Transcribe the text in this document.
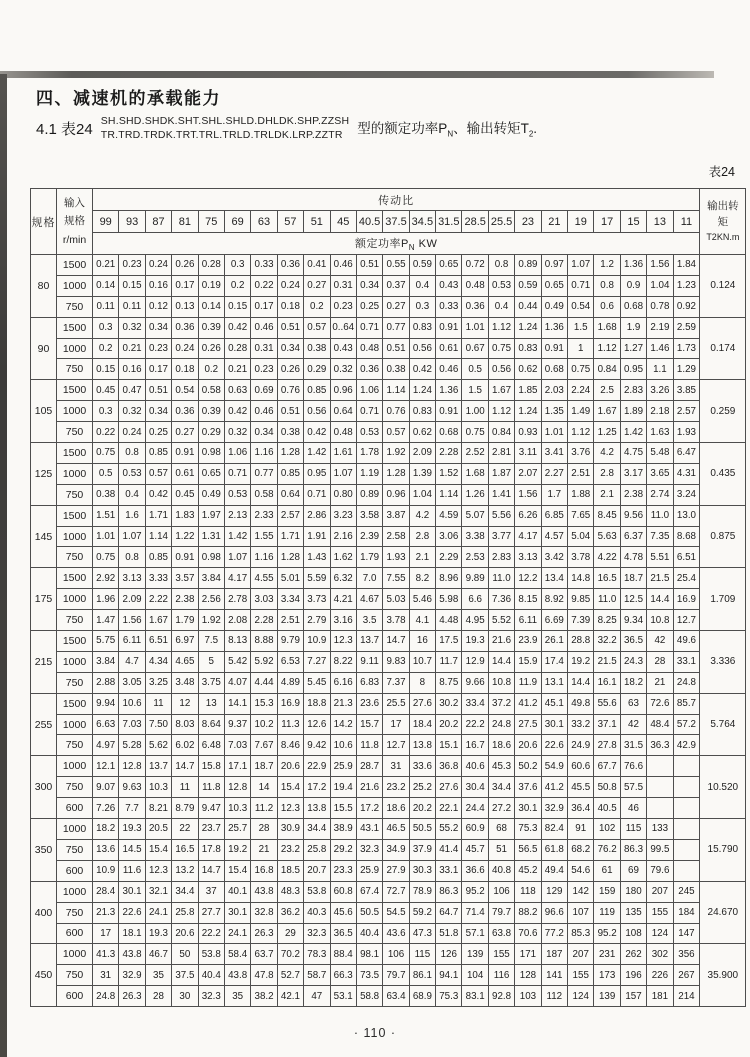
四、减速机的承载能力
4.1 表24 SH.SHD.SHDK.SHT.SHL.SHLD.DHLDK.SHP.ZZSH
TR.TRD.TRDK.TRT.TRL.TRLD.TRLDK.LRP.ZZTR	型的额定功率$P_N$、输出转矩$T_2$.
表24
规格	
输入
规格
r/min
	传动比	输出转
矩
T2KN.m

		99	93	87	81	75	69	63	57	51	45	40.5	37.5	34.5	31.5	28.5	25.5	23	21	19	17	15	13	11	
		额定功率$P_N$ KW																							
80	1500	0.21	0.23	0.24	0.26	0.28	0.3	0.33	0.36	0.41	0.46	0.51	0.55	0.59	0.65	0.72	0.8	0.89	0.97	1.07	1.2	1.36	1.56	1.84	0.124
	1000	0.14	0.15	0.16	0.17	0.19	0.2	0.22	0.24	0.27	0.31	0.34	0.37	0.4	0.43	0.48	0.53	0.59	0.65	0.71	0.8	0.9	1.04	1.23	
	750	0.11	0.11	0.12	0.13	0.14	0.15	0.17	0.18	0.2	0.23	0.25	0.27	0.3	0.33	0.36	0.4	0.44	0.49	0.54	0.6	0.68	0.78	0.92	
90	1500	0.3	0.32	0.34	0.36	0.39	0.42	0.46	0.51	0.57	0..64	0.71	0.77	0.83	0.91	1.01	1.12	1.24	1.36	1.5	1.68	1.9	2.19	2.59	0.174
	1000	0.2	0.21	0.23	0.24	0.26	0.28	0.31	0.34	0.38	0.43	0.48	0.51	0.56	0.61	0.67	0.75	0.83	0.91	1	1.12	1.27	1.46	1.73	
	750	0.15	0.16	0.17	0.18	0.2	0.21	0.23	0.26	0.29	0.32	0.36	0.38	0.42	0.46	0.5	0.56	0.62	0.68	0.75	0.84	0.95	1.1	1.29	
105	1500	0.45	0.47	0.51	0.54	0.58	0.63	0.69	0.76	0.85	0.96	1.06	1.14	1.24	1.36	1.5	1.67	1.85	2.03	2.24	2.5	2.83	3.26	3.85	0.259
	1000	0.3	0.32	0.34	0.36	0.39	0.42	0.46	0.51	0.56	0.64	0.71	0.76	0.83	0.91	1.00	1.12	1.24	1.35	1.49	1.67	1.89	2.18	2.57	
	750	0.22	0.24	0.25	0.27	0.29	0.32	0.34	0.38	0.42	0.48	0.53	0.57	0.62	0.68	0.75	0.84	0.93	1.01	1.12	1.25	1.42	1.63	1.93	
125	1500	0.75	0.8	0.85	0.91	0.98	1.06	1.16	1.28	1.42	1.61	1.78	1.92	2.09	2.28	2.52	2.81	3.11	3.41	3.76	4.2	4.75	5.48	6.47	0.435
	1000	0.5	0.53	0.57	0.61	0.65	0.71	0.77	0.85	0.95	1.07	1.19	1.28	1.39	1.52	1.68	1.87	2.07	2.27	2.51	2.8	3.17	3.65	4.31	
	750	0.38	0.4	0.42	0.45	0.49	0.53	0.58	0.64	0.71	0.80	0.89	0.96	1.04	1.14	1.26	1.41	1.56	1.7	1.88	2.1	2.38	2.74	3.24	
145	1500	1.51	1.6	1.71	1.83	1.97	2.13	2.33	2.57	2.86	3.23	3.58	3.87	4.2	4.59	5.07	5.56	6.26	6.85	7.65	8.45	9.56	11.0	13.0	0.875
	1000	1.01	1.07	1.14	1.22	1.31	1.42	1.55	1.71	1.91	2.16	2.39	2.58	2.8	3.06	3.38	3.77	4.17	4.57	5.04	5.63	6.37	7.35	8.68	
	750	0.75	0.8	0.85	0.91	0.98	1.07	1.16	1.28	1.43	1.62	1.79	1.93	2.1	2.29	2.53	2.83	3.13	3.42	3.78	4.22	4.78	5.51	6.51	
175	1500	2.92	3.13	3.33	3.57	3.84	4.17	4.55	5.01	5.59	6.32	7.0	7.55	8.2	8.96	9.89	11.0	12.2	13.4	14.8	16.5	18.7	21.5	25.4	1.709
	1000	1.96	2.09	2.22	2.38	2.56	2.78	3.03	3.34	3.73	4.21	4.67	5.03	5.46	5.98	6.6	7.36	8.15	8.92	9.85	11.0	12.5	14.4	16.9	
	750	1.47	1.56	1.67	1.79	1.92	2.08	2.28	2.51	2.79	3.16	3.5	3.78	4.1	4.48	4.95	5.52	6.11	6.69	7.39	8.25	9.34	10.8	12.7	
215	1500	5.75	6.11	6.51	6.97	7.5	8.13	8.88	9.79	10.9	12.3	13.7	14.7	16	17.5	19.3	21.6	23.9	26.1	28.8	32.2	36.5	42	49.6	3.336
	1000	3.84	4.7	4.34	4.65	5	5.42	5.92	6.53	7.27	8.22	9.11	9.83	10.7	11.7	12.9	14.4	15.9	17.4	19.2	21.5	24.3	28	33.1	
	750	2.88	3.05	3.25	3.48	3.75	4.07	4.44	4.89	5.45	6.16	6.83	7.37	8	8.75	9.66	10.8	11.9	13.1	14.4	16.1	18.2	21	24.8	
255	1500	9.94	10.6	11	12	13	14.1	15.3	16.9	18.8	21.3	23.6	25.5	27.6	30.2	33.4	37.2	41.2	45.1	49.8	55.6	63	72.6	85.7	5.764
	1000	6.63	7.03	7.50	8.03	8.64	9.37	10.2	11.3	12.6	14.2	15.7	17	18.4	20.2	22.2	24.8	27.5	30.1	33.2	37.1	42	48.4	57.2	
	750	4.97	5.28	5.62	6.02	6.48	7.03	7.67	8.46	9.42	10.6	11.8	12.7	13.8	15.1	16.7	18.6	20.6	22.6	24.9	27.8	31.5	36.3	42.9	
300	1000	12.1	12.8	13.7	14.7	15.8	17.1	18.7	20.6	22.9	25.9	28.7	31	33.6	36.8	40.6	45.3	50.2	54.9	60.6	67.7	76.6			10.520
	750	9.07	9.63	10.3	11	11.8	12.8	14	15.4	17.2	19.4	21.6	23.2	25.2	27.6	30.4	34.4	37.6	41.2	45.5	50.8	57.5			
	600	7.26	7.7	8.21	8.79	9.47	10.3	11.2	12.3	13.8	15.5	17.2	18.6	20.2	22.1	24.4	27.2	30.1	32.9	36.4	40.5	46			
350	1000	18.2	19.3	20.5	22	23.7	25.7	28	30.9	34.4	38.9	43.1	46.5	50.5	55.2	60.9	68	75.3	82.4	91	102	115	133		15.790
	750	13.6	14.5	15.4	16.5	17.8	19.2	21	23.2	25.8	29.2	32.3	34.9	37.9	41.4	45.7	51	56.5	61.8	68.2	76.2	86.3	99.5		
	600	10.9	11.6	12.3	13.2	14.7	15.4	16.8	18.5	20.7	23.3	25.9	27.9	30.3	33.1	36.6	40.8	45.2	49.4	54.6	61	69	79.6		
400	1000	28.4	30.1	32.1	34.4	37	40.1	43.8	48.3	53.8	60.8	67.4	72.7	78.9	86.3	95.2	106	118	129	142	159	180	207	245	24.670
	750	21.3	22.6	24.1	25.8	27.7	30.1	32.8	36.2	40.3	45.6	50.5	54.5	59.2	64.7	71.4	79.7	88.2	96.6	107	119	135	155	184	
	600	17	18.1	19.3	20.6	22.2	24.1	26.3	29	32.3	36.5	40.4	43.6	47.3	51.8	57.1	63.8	70.6	77.2	85.3	95.2	108	124	147	
450	1000	41.3	43.8	46.7	50	53.8	58.4	63.7	70.2	78.3	88.4	98.1	106	115	126	139	155	171	187	207	231	262	302	356	35.900
	750	31	32.9	35	37.5	40.4	43.8	47.8	52.7	58.7	66.3	73.5	79.7	86.1	94.1	104	116	128	141	155	173	196	226	267	
	600	24.8	26.3	28	30	32.3	35	38.2	42.1	47	53.1	58.8	63.4	68.9	75.3	83.1	92.8	103	112	124	139	157	181	214	
· 110 ·
